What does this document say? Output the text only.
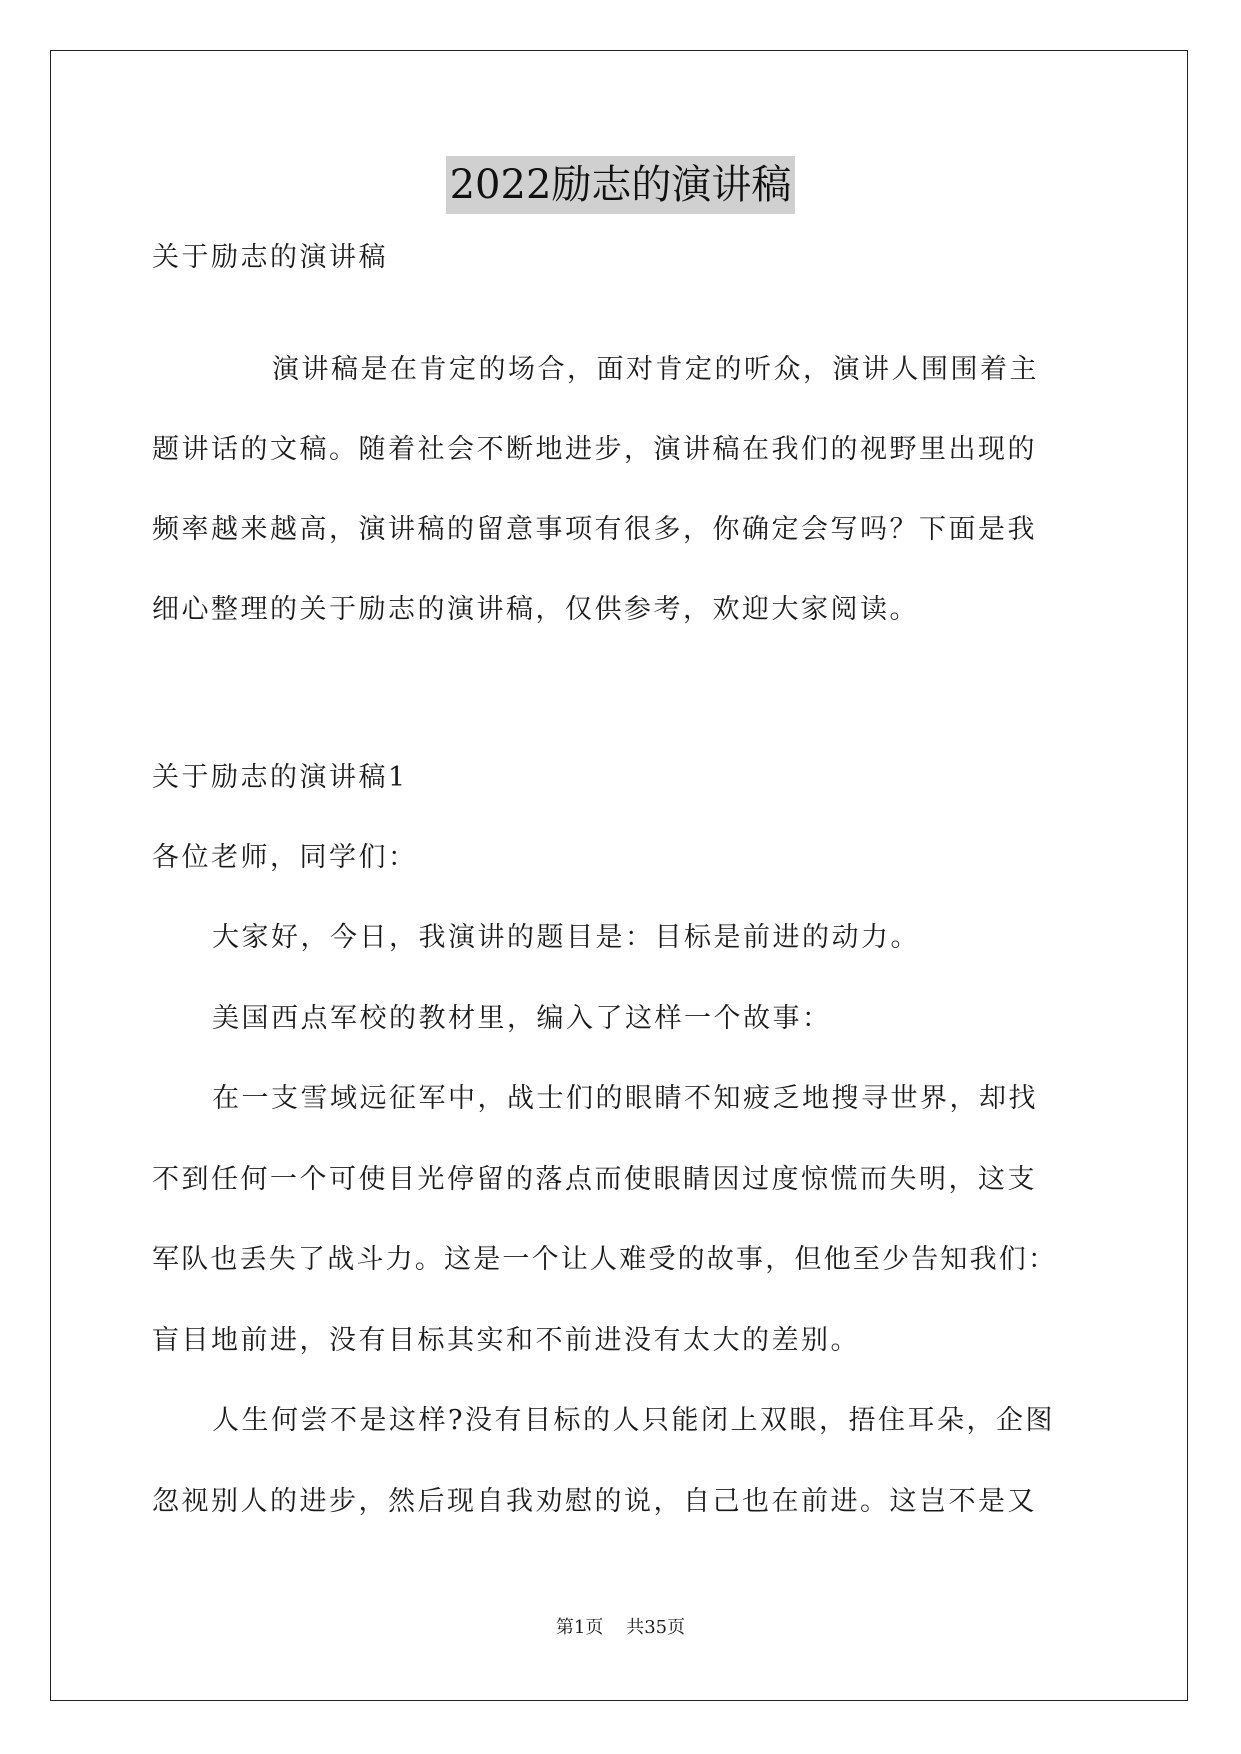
2022励志的演讲稿
关于励志的演讲稿
演讲稿是在肯定的场合，面对肯定的听众，演讲人围围着主
题讲话的文稿。随着社会不断地进步，演讲稿在我们的视野里出现的
频率越来越高，演讲稿的留意事项有很多，你确定会写吗？下面是我
细心整理的关于励志的演讲稿，仅供参考，欢迎大家阅读。
关于励志的演讲稿1
各位老师，同学们：
大家好，今日，我演讲的题目是：目标是前进的动力。
美国西点军校的教材里，编入了这样一个故事：
在一支雪域远征军中，战士们的眼睛不知疲乏地搜寻世界，却找
不到任何一个可使目光停留的落点而使眼睛因过度惊慌而失明，这支
军队也丢失了战斗力。这是一个让人难受的故事，但他至少告知我们：
盲目地前进，没有目标其实和不前进没有太大的差别。
人生何尝不是这样?没有目标的人只能闭上双眼，捂住耳朵，企图
忽视别人的进步，然后现自我劝慰的说，自己也在前进。这岂不是又
第1页    共35页
